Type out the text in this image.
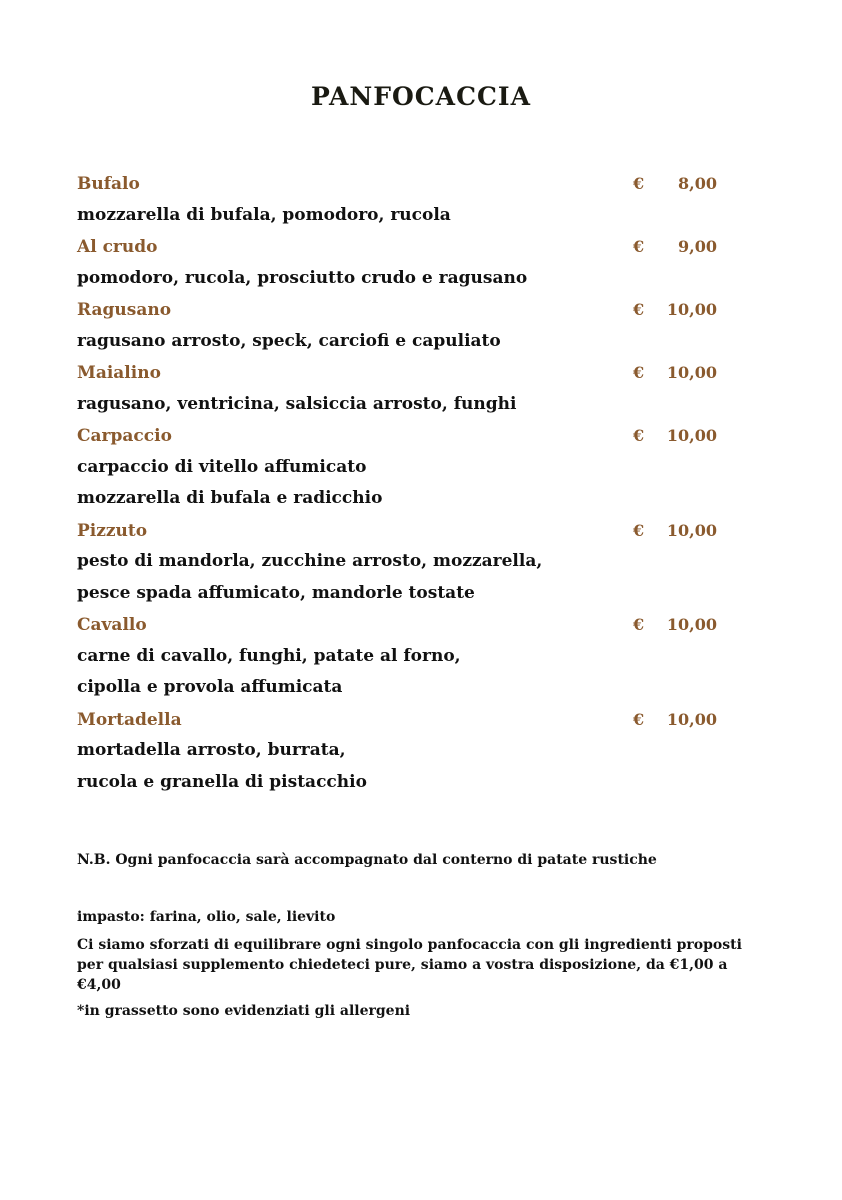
PANFOCACCIA
Bufalo	€ 8,00
mozzarella di bufala, pomodoro, rucola
Al crudo	€ 9,00
pomodoro, rucola, prosciutto crudo e ragusano
Ragusano	€ 10,00
ragusano arrosto, speck, carciofi e capuliato
Maialino	€ 10,00
ragusano, ventricina, salsiccia arrosto, funghi
Carpaccio	€ 10,00
carpaccio di vitello affumicato
mozzarella di bufala e radicchio
Pizzuto	€ 10,00
pesto di mandorla, zucchine arrosto, mozzarella,
pesce spada affumicato, mandorle tostate
Cavallo	€ 10,00
carne di cavallo, funghi, patate al forno,
cipolla e provola affumicata
Mortadella	€ 10,00
mortadella arrosto, burrata,
rucola e granella di pistacchio
N.B. Ogni panfocaccia sarà accompagnato dal conterno di patate rustiche
impasto: farina, olio, sale, lievito
Ci siamo sforzati di equilibrare ogni singolo panfocaccia con gli ingredienti proposti per qualsiasi supplemento chiedeteci pure, siamo a vostra disposizione, da €1,00 a €4,00
*in grassetto sono evidenziati gli allergeni
